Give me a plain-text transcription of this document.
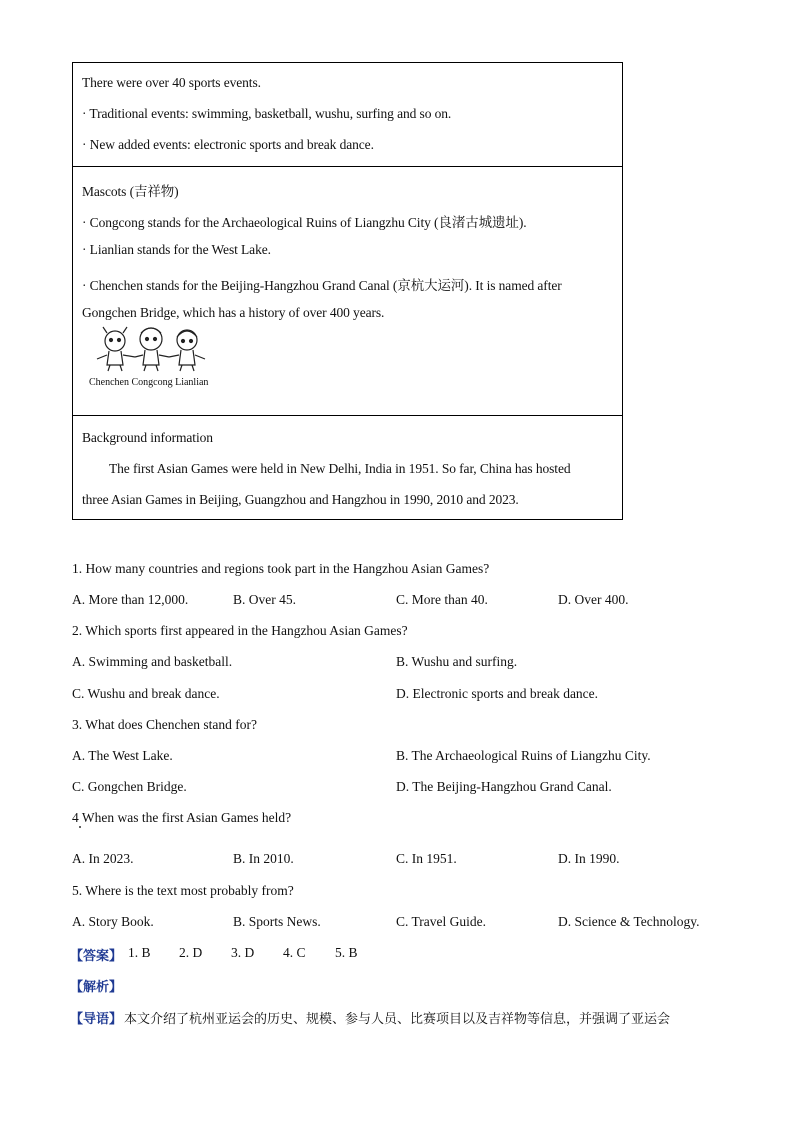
There were over 40 sports events.
· Traditional events: swimming, basketball, wushu, surfing and so on.
· New added events: electronic sports and break dance.
Mascots (吉祥物)
· Congcong stands for the Archaeological Ruins of Liangzhu City (良渚古城遗址).
· Lianlian stands for the West Lake.
· Chenchen stands for the Beijing-Hangzhou Grand Canal (京杭大运河). It is named after
Gongchen Bridge, which has a history of over 400 years.
Chenchen Congcong Lianlian
Background information
The first Asian Games were held in New Delhi, India in 1951. So far, China has hosted
three Asian Games in Beijing, Guangzhou and Hangzhou in 1990, 2010 and 2023.
1. How many countries and regions took part in the Hangzhou Asian Games?
A. More than 12,000.	B. Over 45.	C. More than 40.	D. Over 400.
2. Which sports first appeared in the Hangzhou Asian Games?
A. Swimming and basketball.	B. Wushu and surfing.
C. Wushu and break dance.	D. Electronic sports and break dance.
3. What does Chenchen stand for?
A. The West Lake.	B. The Archaeological Ruins of Liangzhu City.
C. Gongchen Bridge.	D. The Beijing-Hangzhou Grand Canal.
4 When was the first Asian Games held?
A. In 2023.	B. In 2010.	C. In 1951.	D. In 1990.
5. Where is the text most probably from?
A. Story Book.	B. Sports News.	C. Travel Guide.	D. Science & Technology.
【答案】 1. B 2. D 3. D 4. C 5. B
【解析】
【导语】 本文介绍了杭州亚运会的历史、规模、参与人员、比赛项目以及吉祥物等信息，并强调了亚运会
